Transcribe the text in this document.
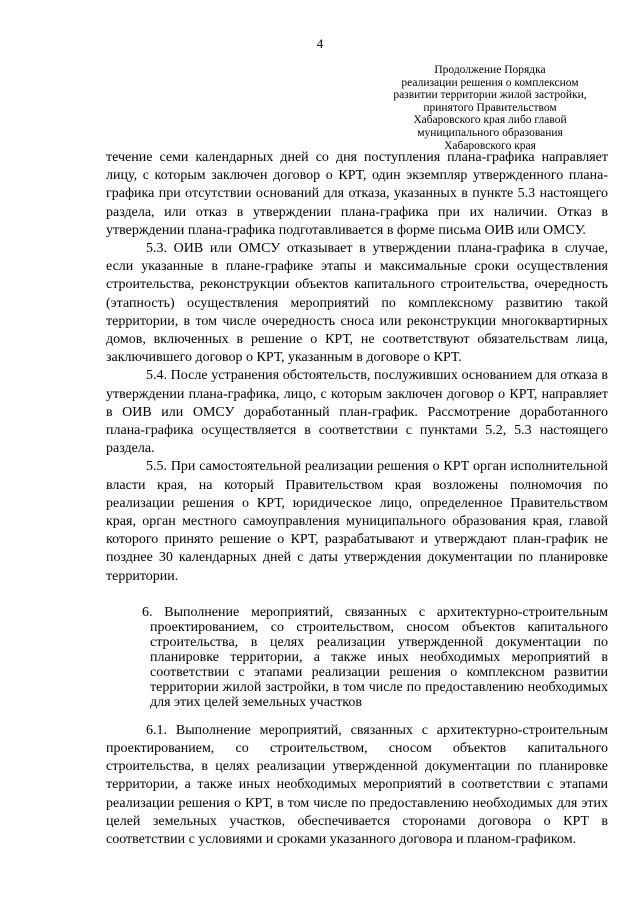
4
Продолжение Порядка
реализации решения о комплексном
развитии территории жилой застройки,
принятого Правительством
Хабаровского края либо главой
муниципального образования
Хабаровского края

течение семи календарных дней со дня поступления плана-графика направляет лицу, с которым заключен договор о КРТ, один экземпляр утвержденного плана-графика при отсутствии оснований для отказа, указанных в пункте 5.3 настоящего раздела, или отказ в утверждении плана-графика при их наличии. Отказ в утверждении плана-графика подготавливается в форме письма ОИВ или ОМСУ.

5.3. ОИВ или ОМСУ отказывает в утверждении плана-графика в случае, если указанные в плане-графике этапы и максимальные сроки осуществления строительства, реконструкции объектов капитального строительства, очередность (этапность) осуществления мероприятий по комплексному развитию такой территории, в том числе очередность сноса или реконструкции многоквартирных домов, включенных в решение о КРТ, не соответствуют обязательствам лица, заключившего договор о КРТ, указанным в договоре о КРТ.

5.4. После устранения обстоятельств, послуживших основанием для отказа в утверждении плана-графика, лицо, с которым заключен договор о КРТ, направляет в ОИВ или ОМСУ доработанный план-график. Рассмотрение доработанного плана-графика осуществляется в соответствии с пунктами 5.2, 5.3 настоящего раздела.

5.5. При самостоятельной реализации решения о КРТ орган исполнительной власти края, на который Правительством края возложены полномочия по реализации решения о КРТ, юридическое лицо, определенное Правительством края, орган местного самоуправления муниципального образования края, главой которого принято решение о КРТ, разрабатывают и утверждают план-график не позднее 30 календарных дней с даты утверждения документации по планировке территории.

6. Выполнение мероприятий, связанных с архитектурно-строительным проектированием, со строительством, сносом объектов капитального строительства, в целях реализации утвержденной документации по планировке территории, а также иных необходимых мероприятий в соответствии с этапами реализации решения о комплексном развитии территории жилой застройки, в том числе по предоставлению необходимых для этих целей земельных участков

6.1. Выполнение мероприятий, связанных с архитектурно-строительным проектированием, со строительством, сносом объектов капитального строительства, в целях реализации утвержденной документации по планировке территории, а также иных необходимых мероприятий в соответствии с этапами реализации решения о КРТ, в том числе по предоставлению необходимых для этих целей земельных участков, обеспечивается сторонами договора о КРТ в соответствии с условиями и сроками указанного договора и планом-графиком.
